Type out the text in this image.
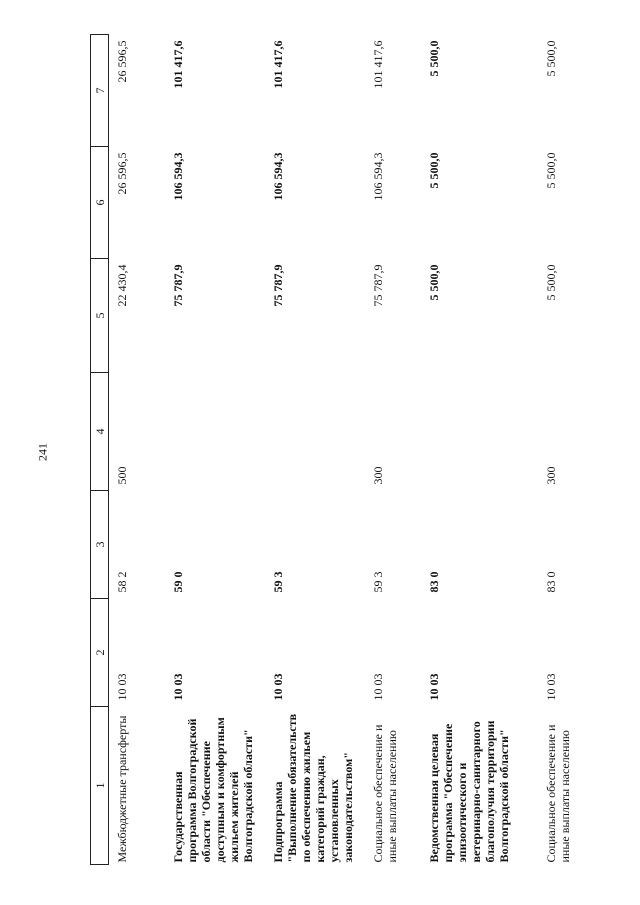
241
1	2	3	4	5	6	7
Межбюджетные трансферты	10 03	58 2	500	22 430,4	26 596,5	26 596,5
Государственная программа Волгоградской области "Обеспечение доступным и комфортным жильем жителей Волгоградской области"	10 03	59 0		75 787,9	106 594,3	101 417,6
Подпрограмма "Выполнение обязательств по обеспечению жильем категорий граждан, установленных законодательством"	10 03	59 3		75 787,9	106 594,3	101 417,6
Социальное обеспечение и иные выплаты населению	10 03	59 3	300	75 787,9	106 594,3	101 417,6
Ведомственная целевая программа "Обеспечение эпизоотического и ветеринарно-санитарного благополучия территории Волгоградской области"	10 03	83 0		5 500,0	5 500,0	5 500,0
Социальное обеспечение и иные выплаты населению	10 03	83 0	300	5 500,0	5 500,0	5 500,0
